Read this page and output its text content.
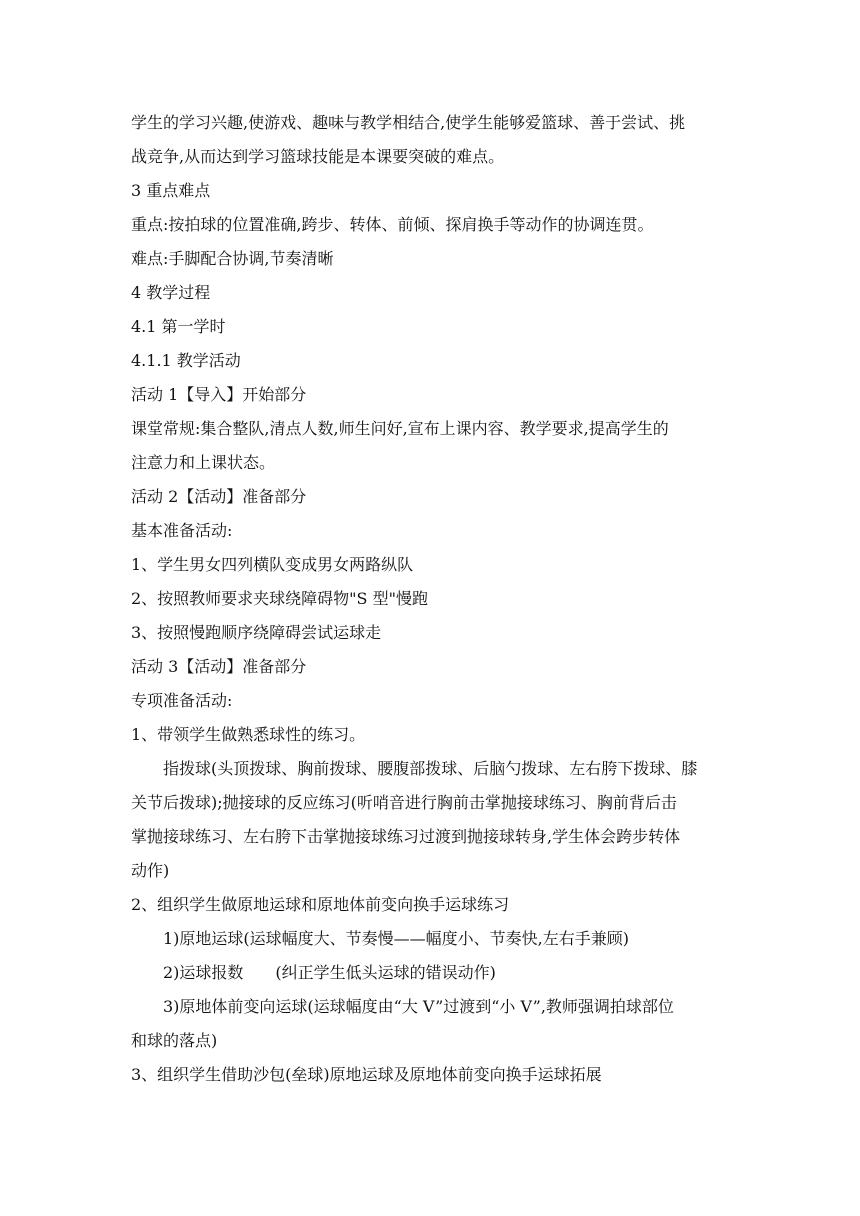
学生的学习兴趣,使游戏、趣味与教学相结合,使学生能够爱篮球、善于尝试、挑
战竞争,从而达到学习篮球技能是本课要突破的难点。
3 重点难点
重点:按拍球的位置准确,跨步、转体、前倾、探肩换手等动作的协调连贯。
难点:手脚配合协调,节奏清晰
4 教学过程
4.1 第一学时
4.1.1 教学活动
活动 1【导入】开始部分
课堂常规:集合整队,清点人数,师生问好,宣布上课内容、教学要求,提高学生的
注意力和上课状态。
活动 2【活动】准备部分
基本准备活动:
1、学生男女四列横队变成男女两路纵队
2、按照教师要求夹球绕障碍物"S 型"慢跑
3、按照慢跑顺序绕障碍尝试运球走
活动 3【活动】准备部分
专项准备活动:
1、带领学生做熟悉球性的练习。
指拨球(头顶拨球、胸前拨球、腰腹部拨球、后脑勺拨球、左右胯下拨球、膝
关节后拨球);抛接球的反应练习(听哨音进行胸前击掌抛接球练习、胸前背后击
掌抛接球练习、左右胯下击掌抛接球练习过渡到抛接球转身,学生体会跨步转体
动作)
2、组织学生做原地运球和原地体前变向换手运球练习
1)原地运球(运球幅度大、节奏慢——幅度小、节奏快,左右手兼顾)
2)运球报数　　(纠正学生低头运球的错误动作)
3)原地体前变向运球(运球幅度由“大 V”过渡到“小 V”,教师强调拍球部位
和球的落点)
3、组织学生借助沙包(垒球)原地运球及原地体前变向换手运球拓展
